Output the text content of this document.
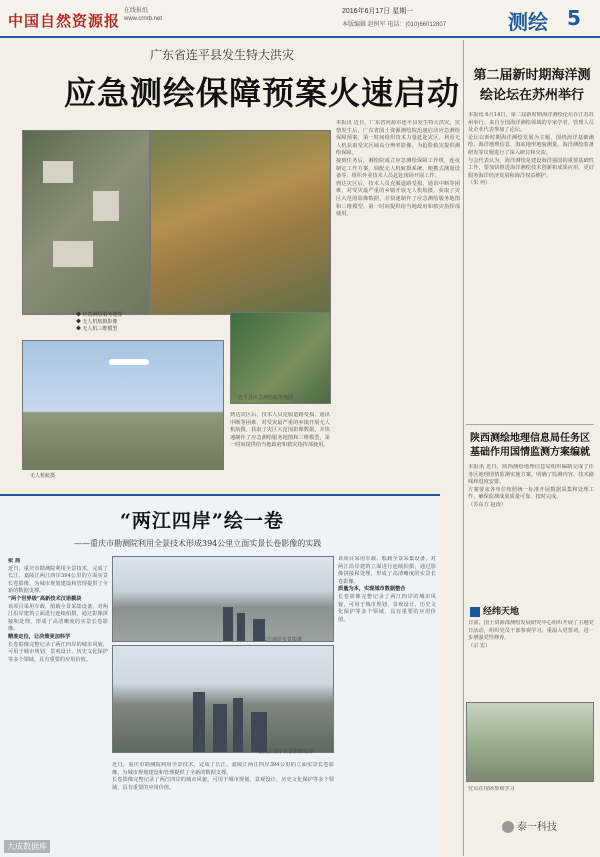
中国自然资源报
在线报纸
www.crnrb.net
2016年6月17日 星期一
本版编辑 赵树军 电话：(010)66012807	测绘 5
广东省连平县发生特大洪灾
应急测绘保障预案火速启动
连平县应急测绘服务地图
◆ 应急测绘服务地图
◆ 无人机航摄影像
◆ 无人机三维模型
无人机航摄
本报讯 近日，广东省河源市连平县发生特大洪灾，灾情发生后，广东省国土资源测绘院迅速启动应急测绘保障预案，第一时间组织技术力量赶赴灾区，利用无人机获取受灾区域高分辨率影像，为抢险救灾提供测绘保障。
接到任务后，测绘院成立应急测绘保障工作组，连夜制定工作方案，调配无人机航摄系统、便携式测量设备等，组织外业技术人员赶赴现场开展工作。
到达灾区后，技术人员克服道路受损、通讯中断等困难，对受灾最严重的乡镇开展无人机航摄，获取了灾区大范围影像数据，并快速制作了应急测绘服务地图和三维模型，第一时间提供给当地政府和救灾指挥部使用。
到达灾区后，技术人员克服道路受损、通讯中断等困难，对受灾最严重的乡镇开展无人机航摄，获取了灾区大范围影像数据，并快速制作了应急测绘服务地图和三维模型，第一时间提供给当地政府和救灾指挥部使用。
第二届新时期海洋测绘论坛在苏州举行
本报讯 6月14日，第二届新时期海洋测绘论坛在江苏苏州举行。来自全国海洋测绘领域的专家学者、管理人员及企业代表参加了论坛。
论坛以新时期海洋测绘发展为主题，围绕海洋基础测绘、海洋地理信息、海底地形地貌测量、海洋测绘装备研发等议题进行了深入研讨和交流。
与会代表认为，海洋测绘是建设海洋强国的重要基础性工作，要加快推进海洋测绘技术创新和成果应用，更好服务海洋经济发展和海洋权益维护。
（朱 何）
陕西测绘地理信息局任务区基础作用国情监测方案编就
本报讯 近日，陕西测绘地理信息局组织编制完成了任务区地理国情监测实施方案，明确了监测内容、技术路线和进度安排。
方案要求各单位按照统一标准开展数据采集和处理工作，确保监测成果质量可靠、按时完成。
（苏东方 赵涛）
经纬天地
日前，国土资源部测绘发展研究中心组织开展了主题党日活动，组织党员干部参观学习，重温入党誓词，进一步增强党性修养。
（宗 宏）
党员在现场参观学习
“两江四岸”绘一卷
——重庆市勘测院利用全景技术形成394公里立面实景长卷影像的实践
张 茜
近日，重庆市勘测院利用全景技术，完成了长江、嘉陵江两江四岸394公里的立面实景长卷影像，为城市规划建设和管理提供了全新的数据支撑。
“两个世界级”高新技术汉语模块
该项目采用车载、船载全景采集设备，对两江沿岸建筑立面进行连续拍摄，通过影像拼接和处理，形成了高清晰度的实景长卷影像。
精准定位，让决策更加科学
长卷影像完整记录了两江四岸的城市风貌，可用于城市规划、景观设计、历史文化保护等多个领域，具有重要的应用价值。
长江南岸实景影像
嘉陵江北岸实景影像局部
该项目采用车载、船载全景采集设备，对两江沿岸建筑立面进行连续拍摄，通过影像拼接和处理，形成了高清晰度的实景长卷影像。
质量为本，实现城市数据整合
长卷影像完整记录了两江四岸的城市风貌，可用于城市规划、景观设计、历史文化保护等多个领域，具有重要的应用价值。
近日，重庆市勘测院利用全景技术，完成了长江、嘉陵江两江四岸394公里的立面实景长卷影像，为城市规划建设和管理提供了全新的数据支撑。
长卷影像完整记录了两江四岸的城市风貌，可用于城市规划、景观设计、历史文化保护等多个领域，具有重要的应用价值。
泰一科技
大成数据库
